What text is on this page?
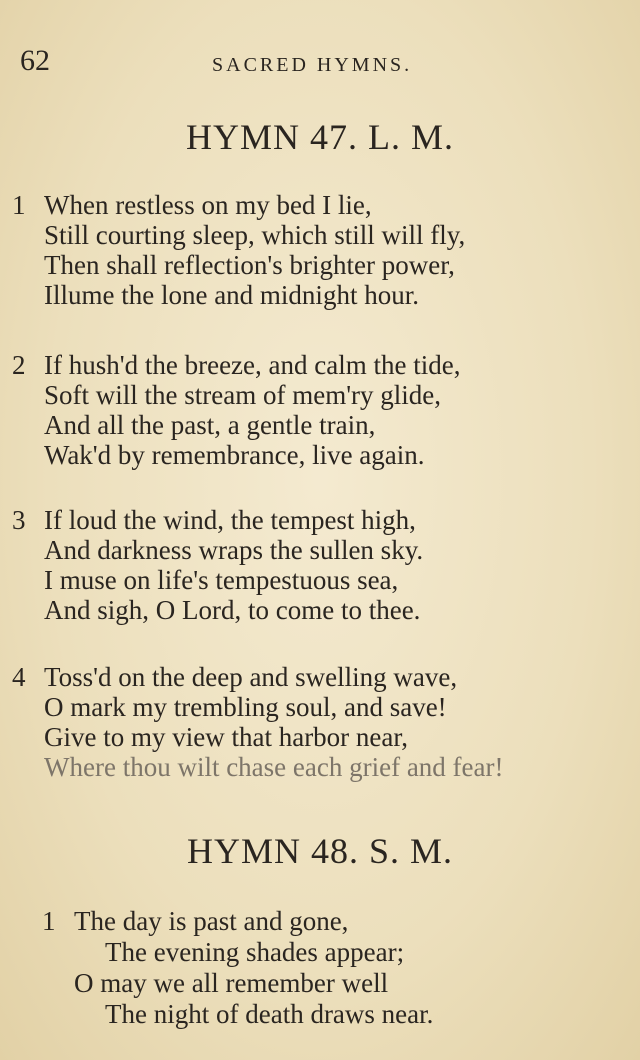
62	SACRED HYMNS.
HYMN 47. L. M.
1 When restless on my bed I lie,
Still courting sleep, which still will fly,
Then shall reflection's brighter power,
Illume the lone and midnight hour.
2 If hush'd the breeze, and calm the tide,
Soft will the stream of mem'ry glide,
And all the past, a gentle train,
Wak'd by remembrance, live again.
3 If loud the wind, the tempest high,
And darkness wraps the sullen sky.
I muse on life's tempestuous sea,
And sigh, O Lord, to come to thee.
4 Toss'd on the deep and swelling wave,
O mark my trembling soul, and save!
Give to my view that harbor near,
Where thou wilt chase each grief and fear!
HYMN 48. S. M.
1 The day is past and gone,
The evening shades appear;
O may we all remember well
The night of death draws near.
